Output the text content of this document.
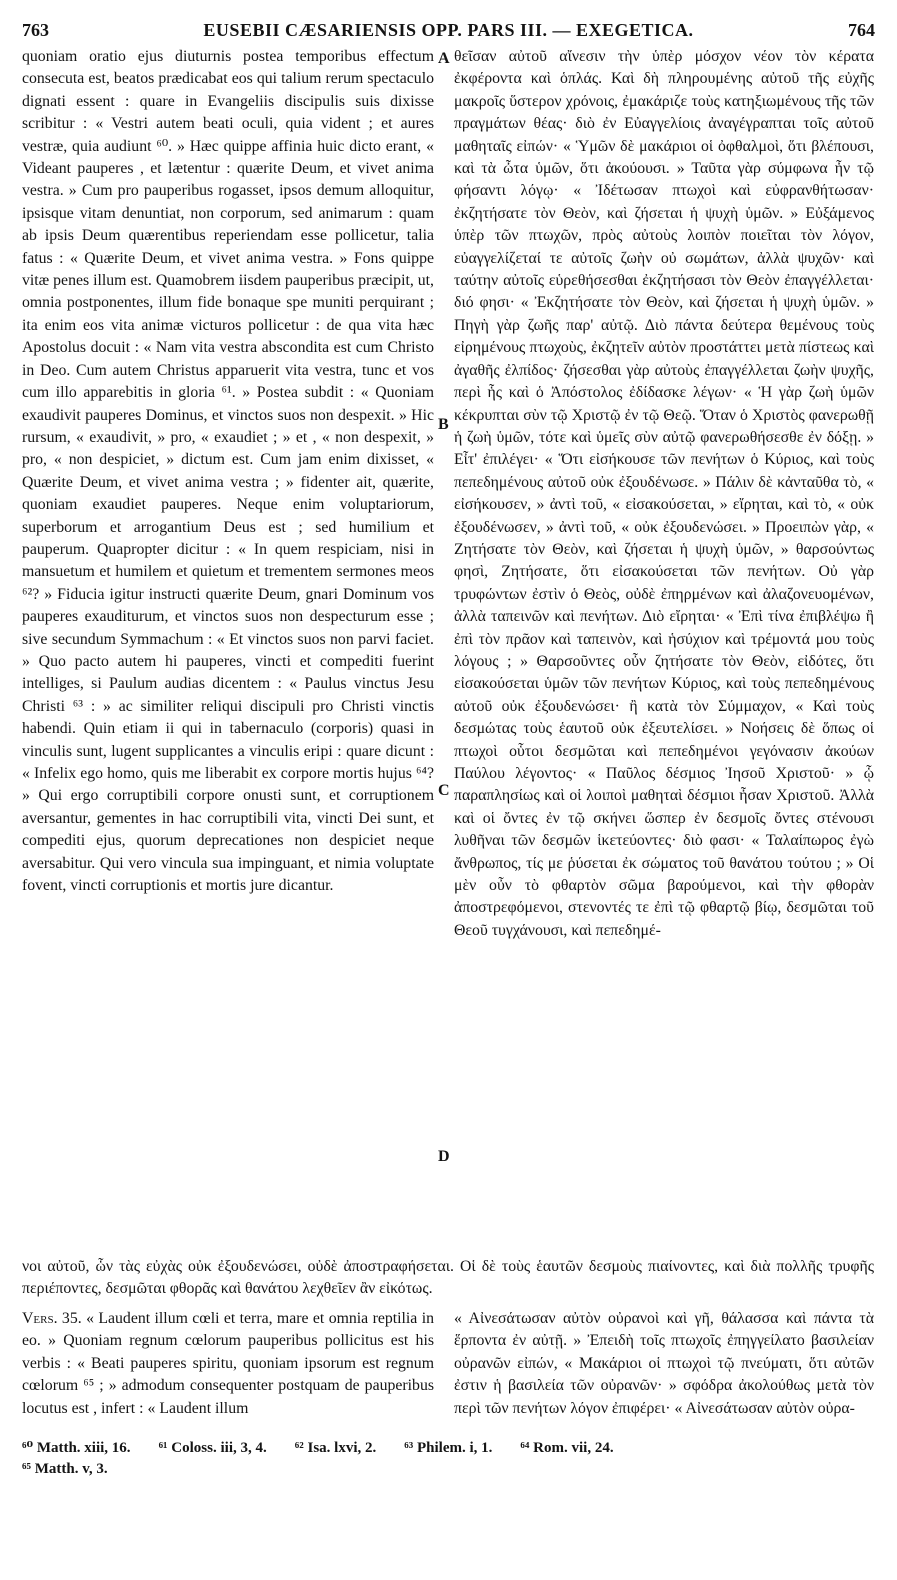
763	EUSEBII CÆSARIENSIS OPP. PARS III. — EXEGETICA.	764

quoniam oratio ejus diuturnis postea temporibus effectum consecuta est, beatos prædicabat eos qui talium rerum spectaculo dignati essent : quare in Evangeliis discipulis suis dixisse scribitur : « Vestri autem beati oculi, quia vident ; et aures vestræ, quia audiunt ⁶⁰. » Hæc quippe affinia huic dicto erant, « Videant pauperes , et lætentur : quærite Deum, et vivet anima vestra. » Cum pro pauperibus rogasset, ipsos demum alloquitur, ipsisque vitam denuntiat, non corporum, sed animarum : quam ab ipsis Deum quærentibus reperiendam esse pollicetur, talia fatus : « Quærite Deum, et vivet anima vestra. » Fons quippe vitæ penes illum est. Quamobrem iisdem pauperibus præcipit, ut, omnia postponentes, illum fide bonaque spe muniti perquirant ; ita enim eos vita animæ victuros pollicetur : de qua vita hæc Apostolus docuit : « Nam vita vestra abscondita est cum Christo in Deo. Cum autem Christus apparuerit vita vestra, tunc et vos cum illo apparebitis in gloria ⁶¹. » Postea subdit : « Quoniam exaudivit pauperes Dominus, et vinctos suos non despexit. » Hic rursum, « exaudivit, » pro, « exaudiet ; » et , « non despexit, » pro, « non despiciet, » dictum est. Cum jam enim dixisset, « Quærite Deum, et vivet anima vestra ; » fidenter ait, quærite, quoniam exaudiet pauperes. Neque enim voluptariorum, superborum et arrogantium Deus est ; sed humilium et pauperum. Quapropter dicitur : « In quem respiciam, nisi in mansuetum et humilem et quietum et trementem sermones meos ⁶²? » Fiducia igitur instructi quærite Deum, gnari Dominum vos pauperes exauditurum, et vinctos suos non despecturum esse ; sive secundum Symmachum : « Et vinctos suos non parvi faciet. » Quo pacto autem hi pauperes, vincti et compediti fuerint intelliges, si Paulum audias dicentem : « Paulus vinctus Jesu Christi ⁶³ : » ac similiter reliqui discipuli pro Christi vinctis habendi. Quin etiam ii qui in tabernaculo (corporis) quasi in vinculis sunt, lugent supplicantes a vinculis eripi : quare dicunt : « Infelix ego homo, quis me liberabit ex corpore mortis hujus ⁶⁴? » Qui ergo corruptibili corpore onusti sunt, et corruptionem aversantur, gementes in hac corruptibili vita, vincti Dei sunt, et compediti ejus, quorum deprecationes non despiciet neque aversabitur. Qui vero vincula sua impinguant, et nimia voluptate fovent, vincti corruptionis et mortis jure dicantur.

A
B
C
D

θεῖσαν αὐτοῦ αἴνεσιν τὴν ὑπὲρ μόσχον νέον τὸν κέρατα ἐκφέροντα καὶ ὁπλάς. Καὶ δὴ πληρουμένης αὐτοῦ τῆς εὐχῆς μακροῖς ὕστερον χρόνοις, ἐμακάριζε τοὺς κατηξιωμένους τῆς τῶν πραγμάτων θέας· διὸ ἐν Εὐαγγελίοις ἀναγέγραπται τοῖς αὐτοῦ μαθηταῖς εἰπών· « Ὑμῶν δὲ μακάριοι οἱ ὀφθαλμοὶ, ὅτι βλέπουσι, καὶ τὰ ὦτα ὑμῶν, ὅτι ἀκούουσι. » Ταῦτα γὰρ σύμφωνα ἦν τῷ φήσαντι λόγῳ· « Ἰδέτωσαν πτωχοὶ καὶ εὐφρανθήτωσαν· ἐκζητήσατε τὸν Θεὸν, καὶ ζήσεται ἡ ψυχὴ ὑμῶν. » Εὐξάμενος ὑπὲρ τῶν πτωχῶν, πρὸς αὐτοὺς λοιπὸν ποιεῖται τὸν λόγον, εὐαγγελίζεταί τε αὐτοῖς ζωὴν οὐ σωμάτων, ἀλλὰ ψυχῶν· καὶ ταύτην αὐτοῖς εὑρεθήσεσθαι ἐκζητήσασι τὸν Θεὸν ἐπαγγέλλεται· διό φησι· « Ἐκζητήσατε τὸν Θεὸν, καὶ ζήσεται ἡ ψυχὴ ὑμῶν. » Πηγὴ γὰρ ζωῆς παρ' αὐτῷ. Διὸ πάντα δεύτερα θεμένους τοὺς εἰρημένους πτωχοὺς, ἐκζητεῖν αὐτὸν προστάττει μετὰ πίστεως καὶ ἀγαθῆς ἐλπίδος· ζήσεσθαι γὰρ αὐτοὺς ἐπαγγέλλεται ζωὴν ψυχῆς, περὶ ἧς καὶ ὁ Ἀπόστολος ἐδίδασκε λέγων· « Ἡ γὰρ ζωὴ ὑμῶν κέκρυπται σὺν τῷ Χριστῷ ἐν τῷ Θεῷ. Ὅταν ὁ Χριστὸς φανερωθῇ ἡ ζωὴ ὑμῶν, τότε καὶ ὑμεῖς σὺν αὐτῷ φανερωθήσεσθε ἐν δόξῃ. » Εἶτ' ἐπιλέγει· « Ὅτι εἰσήκουσε τῶν πενήτων ὁ Κύριος, καὶ τοὺς πεπεδημένους αὐτοῦ οὐκ ἐξουδένωσε. » Πάλιν δὲ κἀνταῦθα τὸ, « εἰσήκουσεν, » ἀντὶ τοῦ, « εἰσακούσεται, » εἴρηται, καὶ τὸ, « οὐκ ἐξουδένωσεν, » ἀντὶ τοῦ, « οὐκ ἐξουδενώσει. » Προειπὼν γὰρ, « Ζητήσατε τὸν Θεὸν, καὶ ζήσεται ἡ ψυχὴ ὑμῶν, » θαρσούντως φησὶ, Ζητήσατε, ὅτι εἰσακούσεται τῶν πενήτων. Οὐ γὰρ τρυφώντων ἐστὶν ὁ Θεὸς, οὐδὲ ἐπηρμένων καὶ ἀλαζονευομένων, ἀλλὰ ταπεινῶν καὶ πενήτων. Διὸ εἴρηται· « Ἐπὶ τίνα ἐπιβλέψω ἢ ἐπὶ τὸν πρᾶον καὶ ταπεινὸν, καὶ ἡσύχιον καὶ τρέμοντά μου τοὺς λόγους ; » Θαρσοῦντες οὖν ζητήσατε τὸν Θεὸν, εἰδότες, ὅτι εἰσακούσεται ὑμῶν τῶν πενήτων Κύριος, καὶ τοὺς πεπεδημένους αὐτοῦ οὐκ ἐξουδενώσει· ἢ κατὰ τὸν Σύμμαχον, « Καὶ τοὺς δεσμώτας τοὺς ἑαυτοῦ οὐκ ἐξευτελίσει. » Νοήσεις δὲ ὅπως οἱ πτωχοὶ οὗτοι δεσμῶται καὶ πεπεδημένοι γεγόνασιν ἀκούων Παύλου λέγοντος· « Παῦλος δέσμιος Ἰησοῦ Χριστοῦ· » ᾧ παραπλησίως καὶ οἱ λοιποὶ μαθηταὶ δέσμιοι ἦσαν Χριστοῦ. Ἀλλὰ καὶ οἱ ὄντες ἐν τῷ σκήνει ὥσπερ ἐν δεσμοῖς ὄντες στένουσι λυθῆναι τῶν δεσμῶν ἱκετεύοντες· διὸ φασι· « Ταλαίπωρος ἐγὼ ἄνθρωπος, τίς με ῥύσεται ἐκ σώματος τοῦ θανάτου τούτου ; » Οἱ μὲν οὖν τὸ φθαρτὸν σῶμα βαρούμενοι, καὶ τὴν φθορὰν ἀποστρεφόμενοι, στενοντές τε ἐπὶ τῷ φθαρτῷ βίῳ, δεσμῶται τοῦ Θεοῦ τυγχάνουσι, καὶ πεπεδημέ-

νοι αὐτοῦ, ὧν τὰς εὐχὰς οὐκ ἐξουδενώσει, οὐδὲ ἀποστραφήσεται. Οἱ δὲ τοὺς ἑαυτῶν δεσμοὺς πιαίνοντες, καὶ διὰ πολλῆς τρυφῆς περιέποντες, δεσμῶται φθορᾶς καὶ θανάτου λεχθεῖεν ἂν εἰκότως.

Vers. 35. « Laudent illum cœli et terra, mare et omnia reptilia in eo. » Quoniam regnum cœlorum pauperibus pollicitus est his verbis : « Beati pauperes spiritu, quoniam ipsorum est regnum cœlorum ⁶⁵ ; » admodum consequenter postquam de pauperibus locutus est , infert : « Laudent illum

« Αἰνεσάτωσαν αὐτὸν οὐρανοὶ καὶ γῆ, θάλασσα καὶ πάντα τὰ ἕρποντα ἐν αὐτῇ. » Ἐπειδὴ τοῖς πτωχοῖς ἐπηγγείλατο βασιλείαν οὐρανῶν εἰπών, « Μακάριοι οἱ πτωχοὶ τῷ πνεύματι, ὅτι αὐτῶν ἐστιν ἡ βασιλεία τῶν οὐρανῶν· » σφόδρα ἀκολούθως μετὰ τὸν περὶ τῶν πενήτων λόγον ἐπιφέρει· « Αἰνεσάτωσαν αὐτὸν οὐρα-

⁶⁰ Matth. xiii, 16. ⁶¹ Coloss. iii, 3, 4. ⁶² Isa. lxvi, 2. ⁶³ Philem. i, 1. ⁶⁴ Rom. vii, 24.
⁶⁵ Matth. v, 3.
